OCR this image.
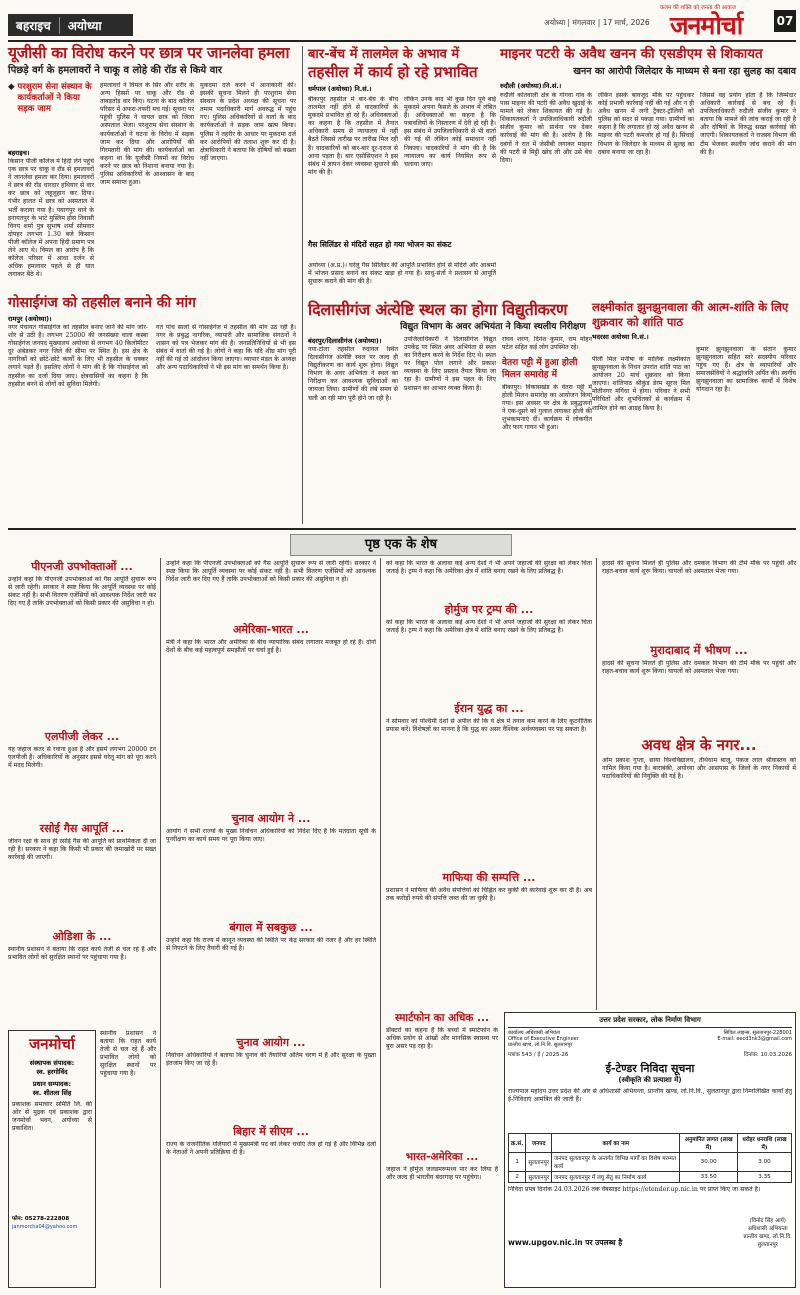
बहराइच	अयोध्या	अयोध्या | मंगलवार | 17 मार्च, 2026
कलम की शक्ति को जनता की आवाज
जनमोर्चा	07
यूजीसी का विरोध करने पर छात्र पर जानलेवा हमला
पिछड़े वर्ग के हमलावरों ने चाकू व लोहे की रॉड से किये वार
◆ परशुराम सेना संस्थान के कार्यकर्ताओं ने किया सड़क जाम
बहराइच।
किसान पीजी कॉलेज में हिंदी लेने पहुंचे एक छात्र पर चाकू व रॉड से हमलावरों ने जानलेवा हमला कर दिया। हमलावरों ने छात्र की रॉड धारदार हथियार से वार कर छात्र को लहूलुहान कर दिया। गंभीर हालत में छात्र को अस्पताल में भर्ती कराया गया है। पयागपुर थाने के इनायतपुर के भाटे मुस्लिम होस निवासी विनय शर्मा पुत्र सुभाष शर्मा सोमवार दोपहर लगभग 1.30 बजे किसान पीजी कॉलेज में अपना हिंदी प्रमाण पत्र लेने आए थे। विमल का आरोप है कि कॉलेज परिसर में आधा दर्जन से अधिक हमलावर पहले से ही घात लगाकर बैठे थे।
हमलावरों ने विमल के सिर और शरीर के अन्य हिस्सों पर चाकू और रॉड से ताबड़तोड़ वार किए। घटना के बाद कॉलेज परिसर में अफरा-तफरी मच गई। सूचना पर पहुंची पुलिस ने घायल छात्र को जिला अस्पताल भेजा। परशुराम सेना संस्थान के कार्यकर्ताओं ने घटना के विरोध में सड़क जाम कर दिया और आरोपियों की गिरफ्तारी की मांग की। कार्यकर्ताओं का कहना था कि यूजीसी नियमों का विरोध करने पर छात्र को निशाना बनाया गया है। पुलिस अधिकारियों के आश्वासन के बाद जाम समाप्त हुआ।
मुकदमा दर्ज करने में आनाकानी की। इसकी सूचना मिलने ही परशुराम सेना संस्थान के प्रदेश अध्यक्ष की सूचना पर तमाम पदाधिकारी मार्ग अवरुद्ध में पहुंच गए। पुलिस अधिकारियों से वार्ता के बाद कार्यकर्ताओं ने सड़क जाम खत्म किया। पुलिस ने तहरीर के आधार पर मुकदमा दर्ज कर आरोपियों की तलाश शुरू कर दी है। क्षेत्राधिकारी ने बताया कि दोषियों को बख्शा नहीं जाएगा।
गोसाईगंज को तहसील बनाने की मांग
रामपुर (अयोध्या)।
नगर पंचायत गोसाईगंज को तहसील बनाए जाने की मांग जोर-शोर से उठी है। लगभग 25000 की जनसंख्या वाला कस्बा गोसाईगंज जनपद मुख्यालय अयोध्या से लगभग 40 किलोमीटर दूर अंबेडकर नगर जिले की सीमा पर स्थित है। इस क्षेत्र के नागरिकों को छोटे-छोटे कार्यों के लिए भी तहसील के चक्कर लगाने पड़ते हैं। इसलिए लोगों ने मांग की है कि गोसाईगंज को तहसील का दर्जा दिया जाए। क्षेत्रवासियों का कहना है कि तहसील बनने से लोगों को सुविधा मिलेगी।
गत पांच सालों से गोसाईगंज में तहसील की मांग उठ रही है। नगर के प्रबुद्ध नागरिक, व्यापारी और सामाजिक संगठनों ने शासन को पत्र भेजकर मांग की है। जनप्रतिनिधियों से भी इस संबंध में वार्ता की गई है। लोगों ने कहा कि यदि शीघ्र मांग पूरी नहीं की गई तो आंदोलन किया जाएगा। व्यापार मंडल के अध्यक्ष और अन्य पदाधिकारियों ने भी इस मांग का समर्थन किया है।
बार-बेंच में तालमेल के अभाव में
तहसील में कार्य हो रहे प्रभावित
धर्मपाल (अयोध्या) नि.सं.।
बीकापुर तहसील में बार-बेंच के बीच तालमेल नहीं होने से वादकारियों के मुकदमे प्रभावित हो रहे हैं। अधिवक्ताओं का कहना है कि तहसील में तैनात अधिकारी समय से न्यायालय में नहीं बैठते जिससे तारीख पर तारीख मिल रही है। वादकारियों को बार-बार दूर-दराज से आना पड़ता है। बार एसोसिएशन ने इस संबंध में ज्ञापन देकर व्यवस्था सुधारने की मांग की है।
लेकिन उनके बाद भी कुछ दिन पूर्व बाई मुकदमे अपना फैसले के अभाव में लंबित हैं। अधिवक्ताओं का कहना है कि पत्रावलियों के निस्तारण में देरी हो रही है। इस संबंध में उपजिलाधिकारी से भी वार्ता की गई थी लेकिन कोई समाधान नहीं निकला। वादकारियों ने मांग की है कि न्यायालय का कार्य नियमित रूप से चलाया जाए।
गैस सिलिंडर से मंदिरों सहत हो गया भोजन का संकट
अयोध्या (अ.प्र.)। घरेलू गैस सिलिंडर की आपूर्ति प्रभावित होने से मंदिरों और आश्रमों में भोजन प्रसाद बनाने का संकट खड़ा हो गया है। साधु-संतों ने प्रशासन से आपूर्ति सुचारू कराने की मांग की है।
माइनर पटरी के अवैध खनन की एसडीएम से शिकायत
खनन का आरोपी जिलेदार के माध्यम से बना रहा सुलह का दबाव
रुदौली (अयोध्या)।नि.सं.।
रुदौली कोतवाली क्षेत्र के गोगवा गांव के पास माइनर की पटरी की अवैध खुदाई के मामले को लेकर शिकायत की गई है। शिकायतकर्ता ने उपजिलाधिकारी रुदौली संजीव कुमार को प्रार्थना पत्र देकर कार्रवाई की मांग की है। आरोप है कि दबंगों ने रात में जेसीबी लगाकर माइनर की पटरी से मिट्टी खोद ली और उसे बेच दिया।
लेकिन इसके बावजूद मौके पर पहुंचकर कोई प्रभावी कार्रवाई नहीं की गई और न ही अवैध खनन में लगी ट्रैक्टर-ट्रॉलियों को पुलिस को सदर से पकड़ा गया। ग्रामीणों का कहना है कि लगातार हो रहे अवैध खनन से माइनर की पटरी कमजोर हो गई है। सिंचाई विभाग के जिलेदार के माध्यम से सुलह का दबाव बनाया जा रहा है।
जिससे वह प्रयोग होता है कि जिम्मेदार अधिकारी कार्रवाई से बच रहे हैं। उपजिलाधिकारी रुदौली संजीव कुमार ने बताया कि मामले की जांच कराई जा रही है और दोषियों के विरुद्ध सख्त कार्रवाई की जाएगी। शिकायतकर्ता ने राजस्व विभाग की टीम भेजकर स्थलीय जांच कराने की मांग की है।
दिलासीगंज अंत्येष्टि स्थल का होगा विद्युतीकरण
विद्युत विभाग के अवर अभियंता ने किया स्थलीय निरीक्षण
बंदरपुर/दिलासीगंज (अयोध्या)।
नया-टोला तहसील रुदावल स्थित दिलासीगंज अंत्येष्टि स्थल पर जल्द ही विद्युतीकरण का कार्य शुरू होगा। विद्युत विभाग के अवर अभियंता ने स्थल का निरीक्षण कर आवश्यक सुविधाओं का जायजा लिया। ग्रामीणों की लंबे समय से चली आ रही मांग पूरी होने जा रही है।
उपजिलाधिकारी ने दिलासीगंज विद्युत उपकेंद्र पर स्थित अवर अभियंता से स्थल का निरीक्षण करने के निर्देश दिए थे। स्थल पर विद्युत पोल लगाने और प्रकाश व्यवस्था के लिए प्रस्ताव तैयार किया जा रहा है। ग्रामीणों ने इस पहल के लिए प्रशासन का आभार व्यक्त किया है।
राघव शरण, दिनेश कुमार, राम मोहन पटेल सहित कई लोग उपस्थित रहे।
वेतरा पट्टी में हुआ होली मिलन समारोह में
बीकापुर। विकासखंड के वेतरा पट्टी में होली मिलन समारोह का आयोजन किया गया। इस अवसर पर क्षेत्र के प्रबुद्धजनों ने एक-दूसरे को गुलाल लगाकर होली की शुभकामनाएं दीं। कार्यक्रम में लोकगीत और फाग गायन भी हुआ।
लक्ष्मीकांत झुनझुनवाला की आत्म-शांति के लिए शुक्रवार को शांति पाठ
भदरसा अयोध्या नि.सं.।
पीली मिल मनीषा के मालिक लक्ष्मीकांत झुनझुनवाला के निधन उपरांत शांति पाठ का आयोजन 20 मार्च शुक्रवार को किया जाएगा। शांतिपाठ श्रीकुंड डेरम सूरज मिल मोतीनगर मंगिंधा में होगा। परिवार ने सभी परिचितों और शुभचिंतकों से कार्यक्रम में शामिल होने का आग्रह किया है।
कुमार झुनझुनवाला के संतान कुमार झुनझुनवाला सहित सारे सदस्यीय परिवार पहुंच गए हैं। क्षेत्र के व्यापारियों और समाजसेवियों ने श्रद्धांजलि अर्पित की। स्वर्गीय झुनझुनवाला का सामाजिक कार्यों में विशेष योगदान रहा है।
पृष्ठ एक के शेष
पीएनजी उपभोक्ताओं ...
उन्होंने कहा कि पीएनजी उपभोक्ताओं को गैस आपूर्ति सुचारू रूप से जारी रहेगी। सरकार ने स्पष्ट किया कि आपूर्ति व्यवस्था पर कोई संकट नहीं है। सभी वितरण एजेंसियों को आवश्यक निर्देश जारी कर दिए गए हैं ताकि उपभोक्ताओं को किसी प्रकार की असुविधा न हो।
एलपीजी लेकर ...
यह जहाज कतर से रवाना हुआ है और इसमें लगभग 20000 टन एलपीजी है। अधिकारियों के अनुसार इससे घरेलू मांग को पूरा करने में मदद मिलेगी।
रसोई गैस आपूर्ति ...
जीवन रक्षा के साथ ही रसोई गैस की आपूर्ति को प्राथमिकता दी जा रही है। सरकार ने कहा कि किसी भी प्रकार की जमाखोरी पर सख्त कार्रवाई की जाएगी।
ओडिशा के ...
स्थानीय प्रशासन ने बताया कि राहत कार्य तेजी से चल रहे हैं और प्रभावित लोगों को सुरक्षित स्थानों पर पहुंचाया गया है।
जनमोर्चा
संस्थापक संपादक:
स्व. हरगोविंद
प्रधान सम्पादक:
स्व. शीतला सिंह
प्रकाशक समाचार समिति लि. की ओर से मुद्रक एवं प्रकाशक द्वारा जनमोर्चा भवन, अयोध्या से प्रकाशित।
फोन: 05278-222808
janmorcha04@yahoo.com
स्थानीय प्रशासन ने बताया कि राहत कार्य तेजी से चल रहे हैं और प्रभावित लोगों को सुरक्षित स्थानों पर पहुंचाया गया है।
उन्होंने कहा कि पीएनजी उपभोक्ताओं को गैस आपूर्ति सुचारू रूप से जारी रहेगी। सरकार ने स्पष्ट किया कि आपूर्ति व्यवस्था पर कोई संकट नहीं है। सभी वितरण एजेंसियों को आवश्यक निर्देश जारी कर दिए गए हैं ताकि उपभोक्ताओं को किसी प्रकार की असुविधा न हो।
अमेरिका-भारत ...
मंत्री ने कहा कि भारत और अमेरिका के बीच व्यापारिक संबंध लगातार मजबूत हो रहे हैं। दोनों देशों के बीच कई महत्वपूर्ण समझौतों पर चर्चा हुई है।
चुनाव आयोग ने ...
आयोग ने सभी राज्यों के मुख्य निर्वाचन अधिकारियों को निर्देश दिए हैं कि मतदाता सूची के पुनरीक्षण का कार्य समय पर पूरा किया जाए।
बंगाल में सबकुछ ...
उन्होंने कहा कि राज्य में कानून व्यवस्था की स्थिति पर केंद्र सरकार की नजर है और हर स्थिति से निपटने के लिए तैयारी की गई है।
चुनाव आयोग ...
निर्वाचन अधिकारियों ने बताया कि चुनाव की तैयारियां अंतिम चरण में हैं और सुरक्षा के पुख्ता इंतजाम किए जा रहे हैं।
बिहार में सीएम ...
राज्य के राजनीतिक गलियारों में मुख्यमंत्री पद को लेकर चर्चाएं तेज हो गई हैं और विभिन्न दलों के नेताओं ने अपनी प्रतिक्रिया दी है।
को कहा कि भारत के अलावा कई अन्य देशों ने भी अपने जहाजों की सुरक्षा को लेकर चिंता जताई है। ट्रम्प ने कहा कि अमेरिका क्षेत्र में शांति बनाए रखने के लिए प्रतिबद्ध है।
होर्मुज पर ट्रम्प की ...
को कहा कि भारत के अलावा कई अन्य देशों ने भी अपने जहाजों की सुरक्षा को लेकर चिंता जताई है। ट्रम्प ने कहा कि अमेरिका क्षेत्र में शांति बनाए रखने के लिए प्रतिबद्ध है।
ईरान युद्ध का ...
ने सोमवार को पश्चिमी देशों से अपील की कि वे क्षेत्र में तनाव कम करने के लिए कूटनीतिक प्रयास करें। विशेषज्ञों का मानना है कि युद्ध का असर वैश्विक अर्थव्यवस्था पर पड़ सकता है।
माफिया की सम्पत्ति ...
प्रशासन ने माफिया की अवैध संपत्तियों को चिह्नित कर कुर्की की कार्रवाई शुरू कर दी है। अब तक करोड़ों रुपये की संपत्ति जब्त की जा चुकी है।
स्मार्टफोन का अधिक ...
डॉक्टरों का कहना है कि बच्चों में स्मार्टफोन के अधिक प्रयोग से आंखों और मानसिक स्वास्थ्य पर बुरा असर पड़ रहा है।
भारत-अमेरिका ...
जहाज ने होर्मुज जलडमरूमध्य पार कर लिया है और जल्द ही भारतीय बंदरगाह पर पहुंचेगा।
हादसे की सूचना मिलते ही पुलिस और दमकल विभाग की टीमें मौके पर पहुंचीं और राहत-बचाव कार्य शुरू किया। घायलों को अस्पताल भेजा गया।
मुरादाबाद में भीषण ...
हादसे की सूचना मिलते ही पुलिस और दमकल विभाग की टीमें मौके पर पहुंचीं और राहत-बचाव कार्य शुरू किया। घायलों को अस्पताल भेजा गया।
अवध क्षेत्र के नगर...
ओम प्रकाश गुप्ता, छाया विश्वविद्यालय, तीर्थधाम बाजू, पंकज लाल श्रीवास्तव को नामित किया गया है। बाराबंकी, अयोध्या और आसपास के जिलों के नगर निकायों में पदाधिकारियों की नियुक्ति की गई है।
उत्तर प्रदेश सरकार, लोक निर्माण विभाग
कार्यालय अधिशासी अभियंता
Office of Executive Engineer
प्रान्तीय खण्ड, लो.नि.वि. सुलतानपुर
सिविल लाइन्स, सुलतानपुर-228001
E-mail: eecd3nk3@gmail.com
पत्रांक 543 / ई / 2025-26	दिनांक: 10.03.2026
ई-टेण्डर निविदा सूचना
(स्वीकृति की प्रत्याशा में)
राज्यपाल महोदय उत्तर प्रदेश की ओर से अधिशासी अभियन्ता, प्रान्तीय खण्ड, लो.नि.वि., सुलतानपुर द्वारा निम्नलिखित कार्यों हेतु ई-निविदाएं आमंत्रित की जाती हैं।
क्र.सं.	जनपद	कार्य का नाम	अनुमानित लागत (लाख में)	धरोहर धनराशि (लाख में)
1	सुलतानपुर	जनपद सुलतानपुर के अन्तर्गत विभिन्न मार्गों का विशेष मरम्मत कार्य	30.00	3.00
2	सुलतानपुर	जनपद सुलतानपुर में लघु सेतु का निर्माण कार्य	33.50	3.35
निविदा प्रपत्र दिनांक 24.03.2026 तक वेबसाइट https://etender.up.nic.in पर प्राप्त किए जा सकते हैं।
www.upgov.nic.in पर उपलब्ध है
(विनोद सिंह आर्य)
अधिशासी अभियन्ता
प्रान्तीय खण्ड, लो.नि.वि.
सुलतानपुर
